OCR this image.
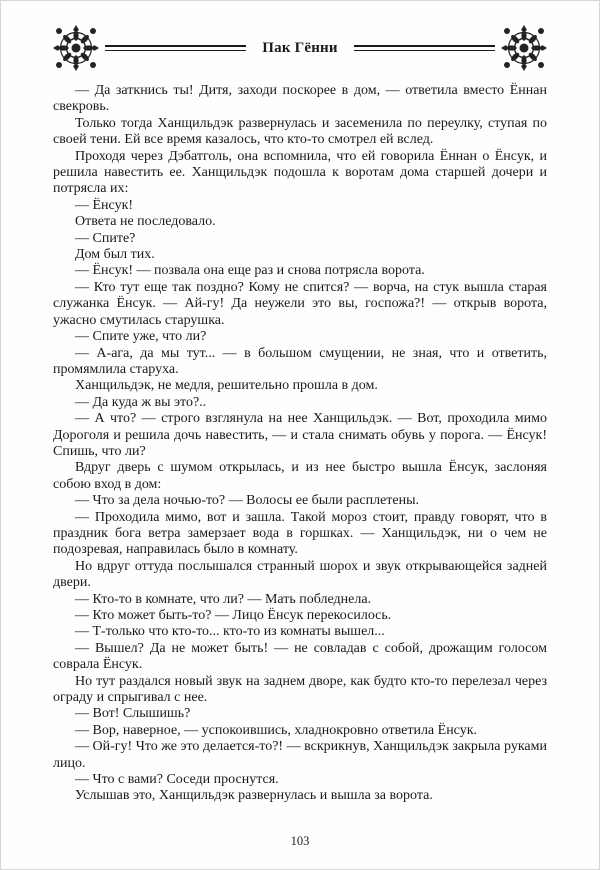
Пак Гённи

— Да заткнись ты! Дитя, заходи поскорее в дом, — ответила вместо Ённан свекровь.

Только тогда Ханщильдэк развернулась и засеменила по переулку, ступая по своей тени. Ей все время казалось, что кто-то смотрел ей вслед.

Проходя через Дэбатголь, она вспомнила, что ей говорила Ённан о Ёнсук, и решила навестить ее. Ханщильдэк подошла к воротам дома старшей дочери и потрясла их:

— Ёнсук!

Ответа не последовало.

— Спите?

Дом был тих.

— Ёнсук! — позвала она еще раз и снова потрясла ворота.

— Кто тут еще так поздно? Кому не спится? — ворча, на стук вышла старая служанка Ёнсук. — Ай-гу! Да неужели это вы, госпожа?! — открыв ворота, ужасно смутилась старушка.

— Спите уже, что ли?

— А-ага, да мы тут... — в большом смущении, не зная, что и ответить, промямлила старуха.

Ханщильдэк, не медля, решительно прошла в дом.

— Да куда ж вы это?..

— А что? — строго взглянула на нее Ханщильдэк. — Вот, проходила мимо Дороголя и решила дочь навестить, — и стала снимать обувь у порога. — Ёнсук! Спишь, что ли?

Вдруг дверь с шумом открылась, и из нее быстро вышла Ёнсук, заслоняя собою вход в дом:

— Что за дела ночью-то? — Волосы ее были расплетены.

— Проходила мимо, вот и зашла. Такой мороз стоит, правду говорят, что в праздник бога ветра замерзает вода в горшках. — Ханщильдэк, ни о чем не подозревая, направилась было в комнату.

Но вдруг оттуда послышался странный шорох и звук открывающейся задней двери.

— Кто-то в комнате, что ли? — Мать побледнела.

— Кто может быть-то? — Лицо Ёнсук перекосилось.

— Т-только что кто-то... кто-то из комнаты вышел...

— Вышел? Да не может быть! — не совладав с собой, дрожащим голосом соврала Ёнсук.

Но тут раздался новый звук на заднем дворе, как будто кто-то перелезал через ограду и спрыгивал с нее.

— Вот! Слышишь?

— Вор, наверное, — успокоившись, хладнокровно ответила Ёнсук.

— Ой-гу! Что же это делается-то?! — вскрикнув, Ханщильдэк закрыла руками лицо.

— Что с вами? Соседи проснутся.

Услышав это, Ханщильдэк развернулась и вышла за ворота.

103
